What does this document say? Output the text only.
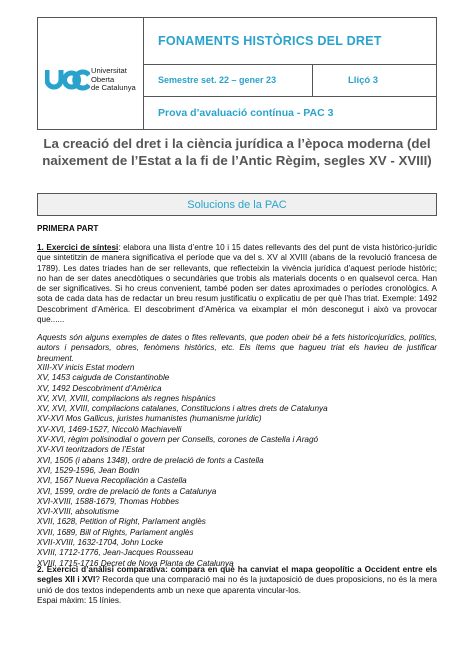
Universitat
Oberta
de Catalunya
FONAMENTS HISTÒRICS DEL DRET
Semestre set. 22 – gener 23	Lliçó 3
Prova d’avaluació contínua - PAC 3
La creació del dret i la ciència jurídica a l’època moderna (del naixement de l’Estat a la fi de l’Antic Règim, segles XV - XVIII)
Solucions de la PAC
PRIMERA PART
1. Exercici de síntesi: elabora una llista d’entre 10 i 15 dates rellevants des del punt de vista històrico-jurídic que sintetitzin de manera significativa el període que va del s. XV al XVIII (abans de la revolució francesa de 1789). Les dates triades han de ser rellevants, que reflecteixin la vivència jurídica d’aquest període històric; no han de ser dates anecdòtiques o secundàries que trobis als materials docents o en qualsevol cerca. Han de ser significatives. Si ho creus convenient, també poden ser dates aproximades o períodes cronològics. A sota de cada data has de redactar un breu resum justificatiu o explicatiu de per què l’has triat. Exemple: 1492 Descobriment d’Amèrica. El descobriment d’Amèrica va eixamplar el món desconegut i això va provocar que......
Aquests són alguns exemples de dates o fites rellevants, que poden obeir bé a fets historicojurídics, polítics, autors i pensadors, obres, fenòmens històrics, etc. Els ítems que hagueu triat els havieu de justificar breument.
XIII-XV inicis Estat modern
XV, 1453 caiguda de Constantinoble
XV, 1492 Descobriment d’Amèrica
XV, XVI, XVIII, compilacions als regnes hispànics
XV, XVI, XVIII, compilacions catalanes, Constitucions i altres drets de Catalunya
XV-XVI Mos Gallicus, juristes humanistes (humanisme jurídic)
XV-XVI, 1469-1527, Niccolò Machiavelli
XV-XVI, règim polisinodial o govern per Consells, corones de Castella i Aragó
XV-XVI teoritzadors de l’Estat
XVI, 1505 (i abans 1348), ordre de prelació de fonts a Castella
XVI, 1529-1596, Jean Bodin
XVI, 1567 Nueva Recopilación a Castella
XVI, 1599, ordre de prelació de fonts a Catalunya
XVI-XVIII, 1588-1679, Thomas Hobbes
XVI-XVIII, absolutisme
XVII, 1628, Petition of Right, Parlament anglès
XVII, 1689, Bill of Rights, Parlament anglès
XVII-XVIII, 1632-1704, John Locke
XVIII, 1712-1776, Jean-Jacques Rousseau
XVIII, 1715-1716 Decret de Nova Planta de Catalunya
2. Exercici d’anàlisi comparativa: compara en què ha canviat el mapa geopolític a Occident entre els segles XII i XVI? Recorda que una comparació mai no és la juxtaposició de dues proposicions, no és la mera unió de dos textos independents amb un nexe que aparenta vincular-los.
Espai màxim: 15 línies.
